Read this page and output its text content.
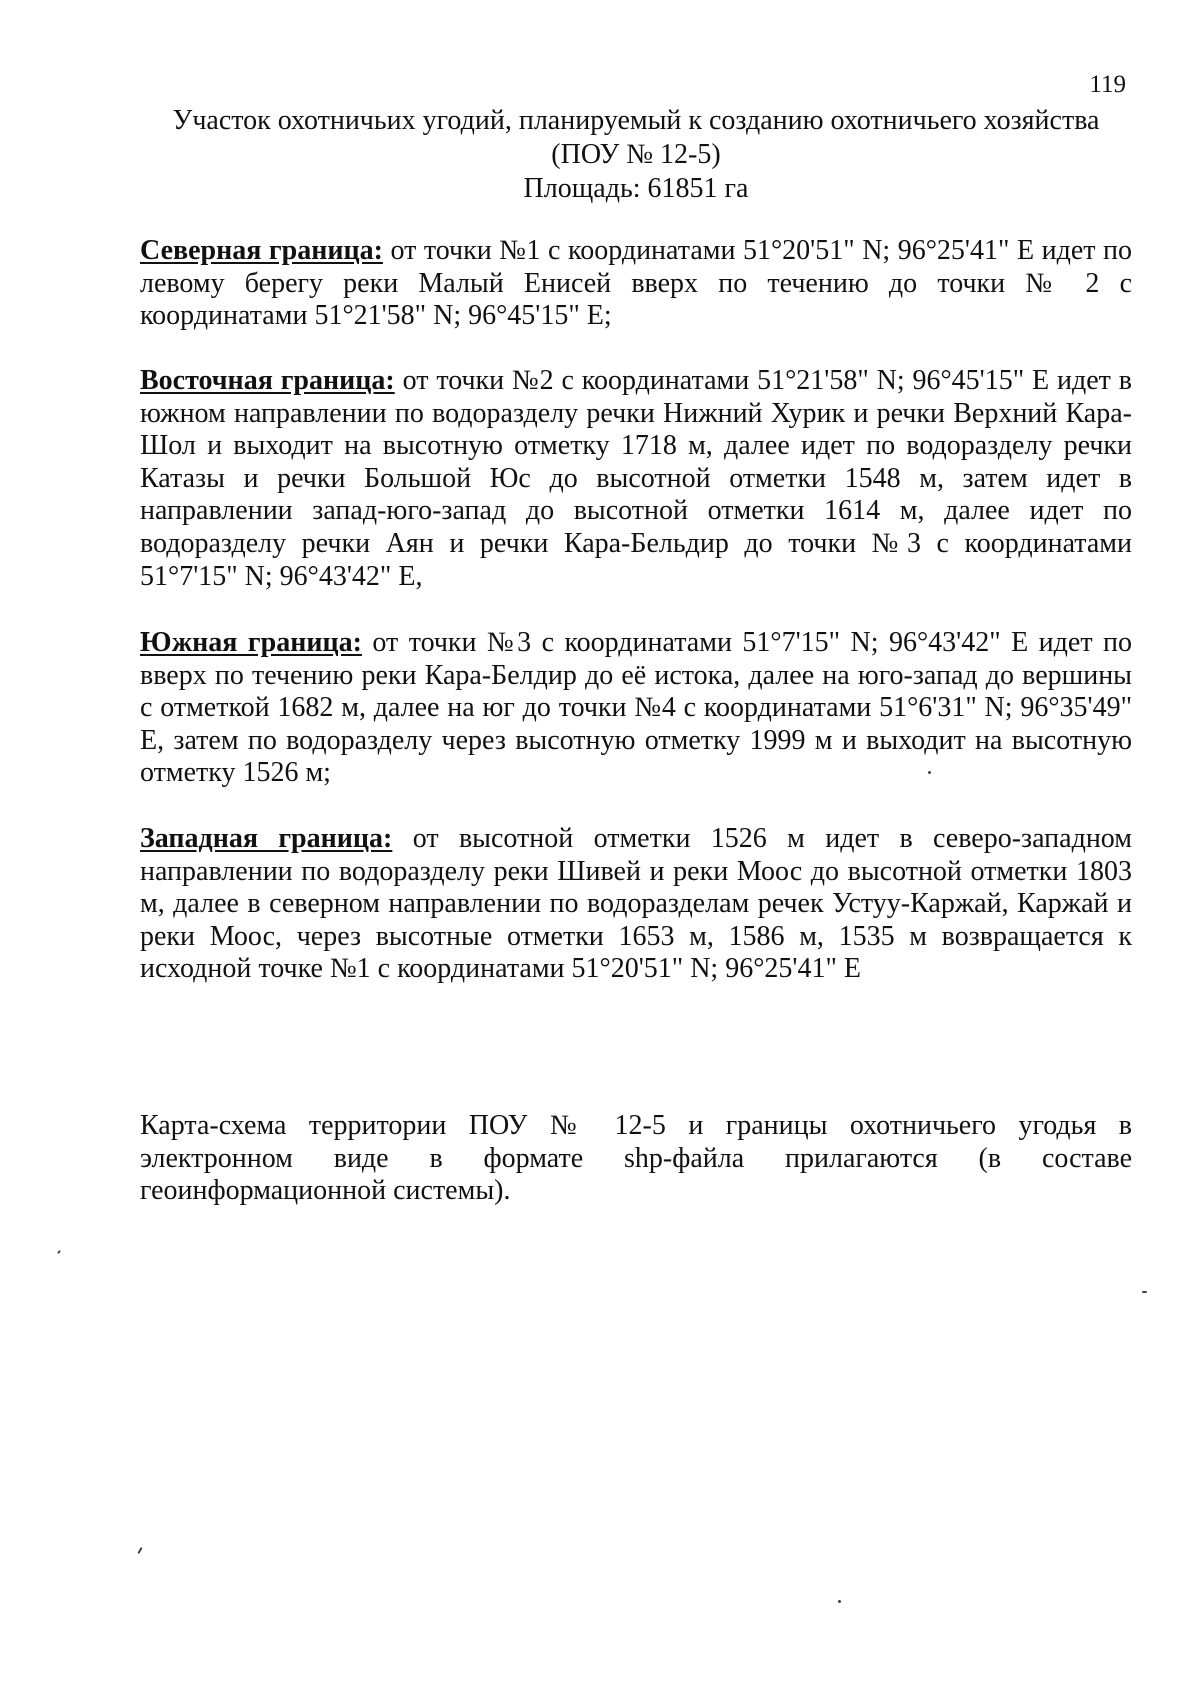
119
Участок охотничьих угодий, планируемый к созданию охотничьего хозяйства
(ПОУ № 12-5)
Площадь: 61851 га

Северная граница: от точки №1 с координатами 51°20'51" N; 96°25'41" E идет по левому берегу реки Малый Енисей вверх по течению до точки № 2 с координатами 51°21'58" N; 96°45'15" E;

Восточная граница: от точки №2 с координатами 51°21'58" N; 96°45'15" E идет в южном направлении по водоразделу речки Нижний Хурик и речки Верхний Кара-Шол и выходит на высотную отметку 1718 м, далее идет по водоразделу речки Катазы и речки Большой Юс до высотной отметки 1548 м, затем идет в направлении запад-юго-запад до высотной отметки 1614 м, далее идет по водоразделу речки Аян и речки Кара-Бельдир до точки №3 с координатами 51°7'15" N; 96°43'42" E,

Южная граница: от точки №3 с координатами 51°7'15" N; 96°43'42" E идет по вверх по течению реки Кара-Белдир до её истока, далее на юго-запад до вершины с отметкой 1682 м, далее на юг до точки №4 с координатами 51°6'31" N; 96°35'49" E, затем по водоразделу через высотную отметку 1999 м и выходит на высотную отметку 1526 м;

Западная граница: от высотной отметки 1526 м идет в северо-западном направлении по водоразделу реки Шивей и реки Моос до высотной отметки 1803 м, далее в северном направлении по водоразделам речек Устуу-Каржай, Каржай и реки Моос, через высотные отметки 1653 м, 1586 м, 1535 м возвращается к исходной точке №1 с координатами 51°20'51" N; 96°25'41" E

Карта-схема территории ПОУ № 12-5 и границы охотничьего угодья в электронном виде в формате shp-файла прилагаются (в составе геоинформационной системы).
